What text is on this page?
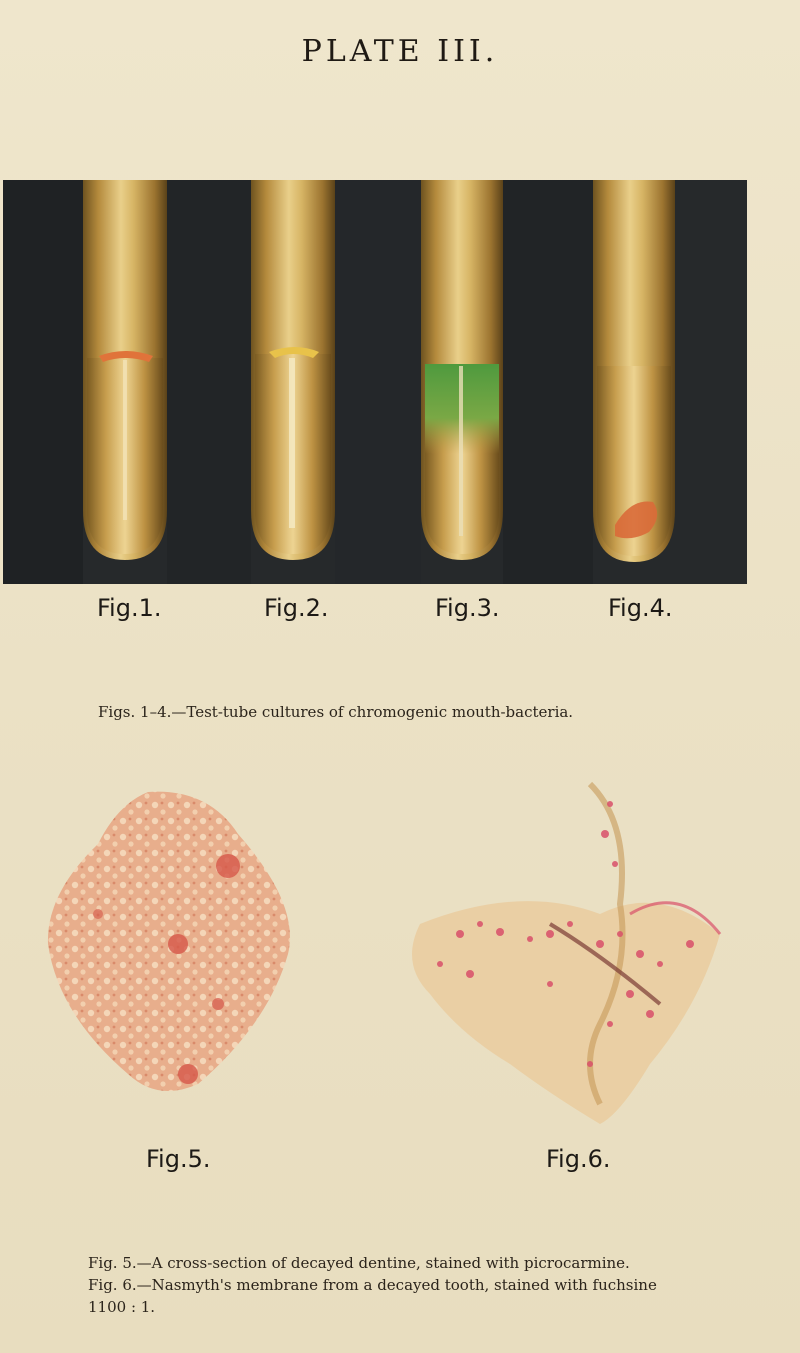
PLATE III.
Fig.1.	Fig.2.	Fig.3.	Fig.4.
Figs. 1–4.—Test-tube cultures of chromogenic mouth-bacteria.
Fig.5.	Fig.6.
Fig. 5.—A cross-section of decayed dentine, stained with picrocarmine.
Fig. 6.—Nasmyth's membrane from a decayed tooth, stained with fuchsine
1100 : 1.
